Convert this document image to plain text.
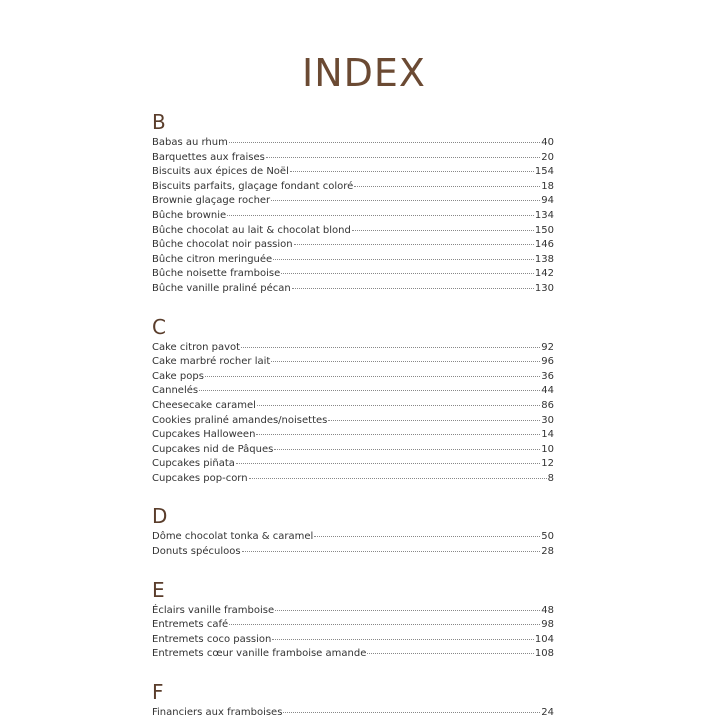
INDEX
B
Babas au rhum	40
Barquettes aux fraises	20
Biscuits aux épices de Noël	154
Biscuits parfaits, glaçage fondant coloré	18
Brownie glaçage rocher	94
Bûche brownie	134
Bûche chocolat au lait & chocolat blond	150
Bûche chocolat noir passion	146
Bûche citron meringuée	138
Bûche noisette framboise	142
Bûche vanille praliné pécan	130
C
Cake citron pavot	92
Cake marbré rocher lait	96
Cake pops	36
Cannelés	44
Cheesecake caramel	86
Cookies praliné amandes/noisettes	30
Cupcakes Halloween	14
Cupcakes nid de Pâques	10
Cupcakes piñata	12
Cupcakes pop-corn	8
D
Dôme chocolat tonka & caramel	50
Donuts spéculoos	28
E
Éclairs vanille framboise	48
Entremets café	98
Entremets coco passion	104
Entremets cœur vanille framboise amande	108
F
Financiers aux framboises	24
